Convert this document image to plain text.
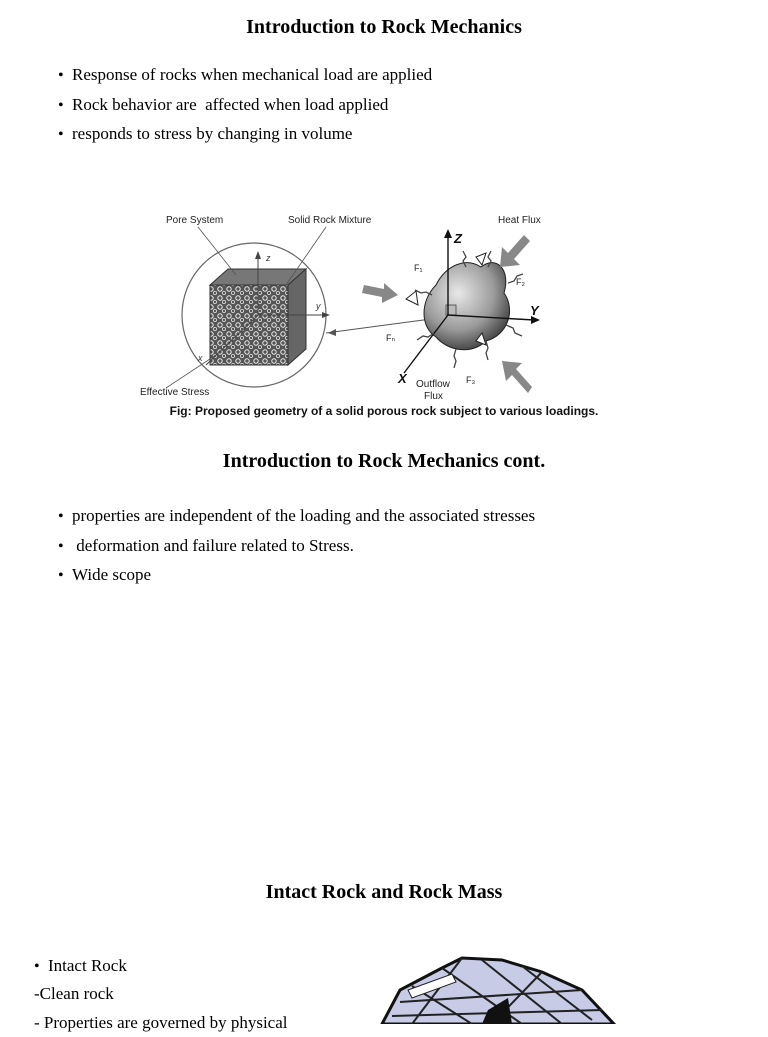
Introduction to Rock Mechanics
• Response of rocks when mechanical load are applied
• Rock behavior are  affected when load applied
• responds to stress by changing in volume
Pore System	Solid Rock Mixture
Effective Stress
z
y
x
Heat Flux
Z
Y
X
F₁
F₂
F₃
Fₙ
Outflow
Flux
Fig: Proposed geometry of a solid porous rock subject to various loadings.
Introduction to Rock Mechanics cont.
• properties are independent of the loading and the associated stresses
•  deformation and failure related to Stress.
• Wide scope
Intact Rock and Rock Mass
• Intact Rock
-Clean rock
- Properties are governed by physical
